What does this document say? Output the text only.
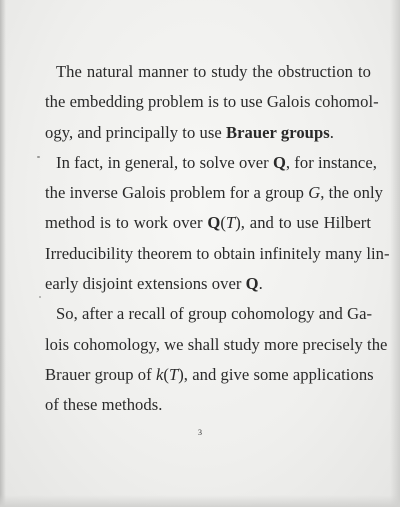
The natural manner to study the obstruction to
the embedding problem is to use Galois cohomol-
ogy, and principally to use Brauer groups.
In fact, in general, to solve over Q, for instance,
the inverse Galois problem for a group G, the only
method is to work over Q(T), and to use Hilbert
Irreducibility theorem to obtain infinitely many lin-
early disjoint extensions over Q.
So, after a recall of group cohomology and Ga-
lois cohomology, we shall study more precisely the
Brauer group of k(T), and give some applications
of these methods.
3
